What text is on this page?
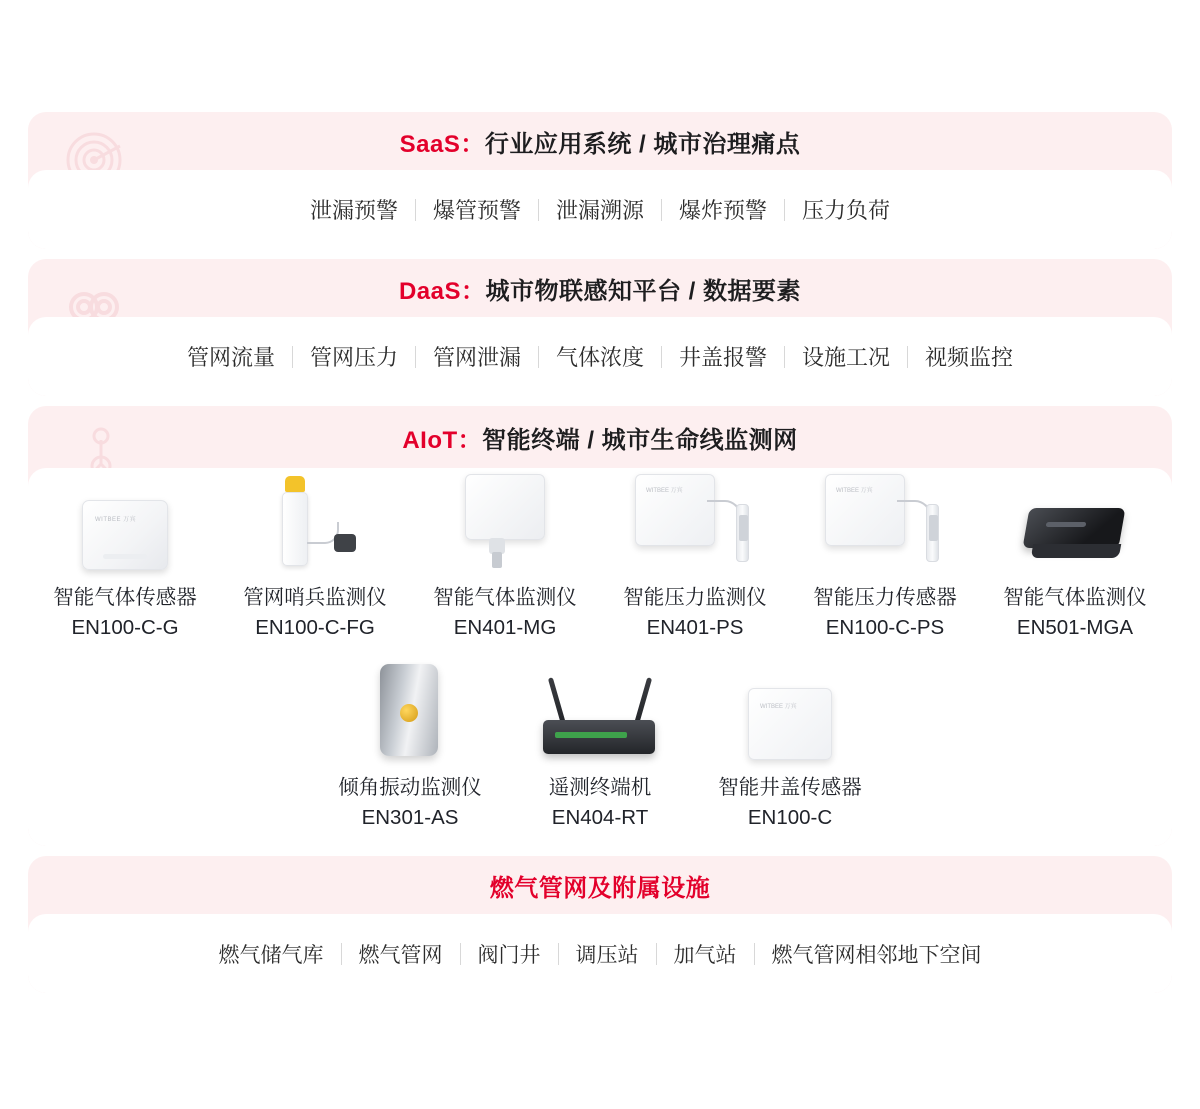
SaaS：行业应用系统 / 城市治理痛点
泄漏预警	爆管预警	泄漏溯源	爆炸预警	压力负荷
DaaS：城市物联感知平台 / 数据要素
管网流量	管网压力	管网泄漏	气体浓度	井盖报警	设施工况	视频监控
AIoT：智能终端 / 城市生命线监测网
WITBEE 万宾
智能气体传感器
EN100-C-G
管网哨兵监测仪
EN100-C-FG
智能气体监测仪
EN401-MG
WITBEE 万宾
智能压力监测仪
EN401-PS
WITBEE 万宾
智能压力传感器
EN100-C-PS
智能气体监测仪
EN501-MGA
倾角振动监测仪
EN301-AS
遥测终端机
EN404-RT
WITBEE 万宾
智能井盖传感器
EN100-C
燃气管网及附属设施
燃气储气库	燃气管网	阀门井	调压站	加气站	燃气管网相邻地下空间
